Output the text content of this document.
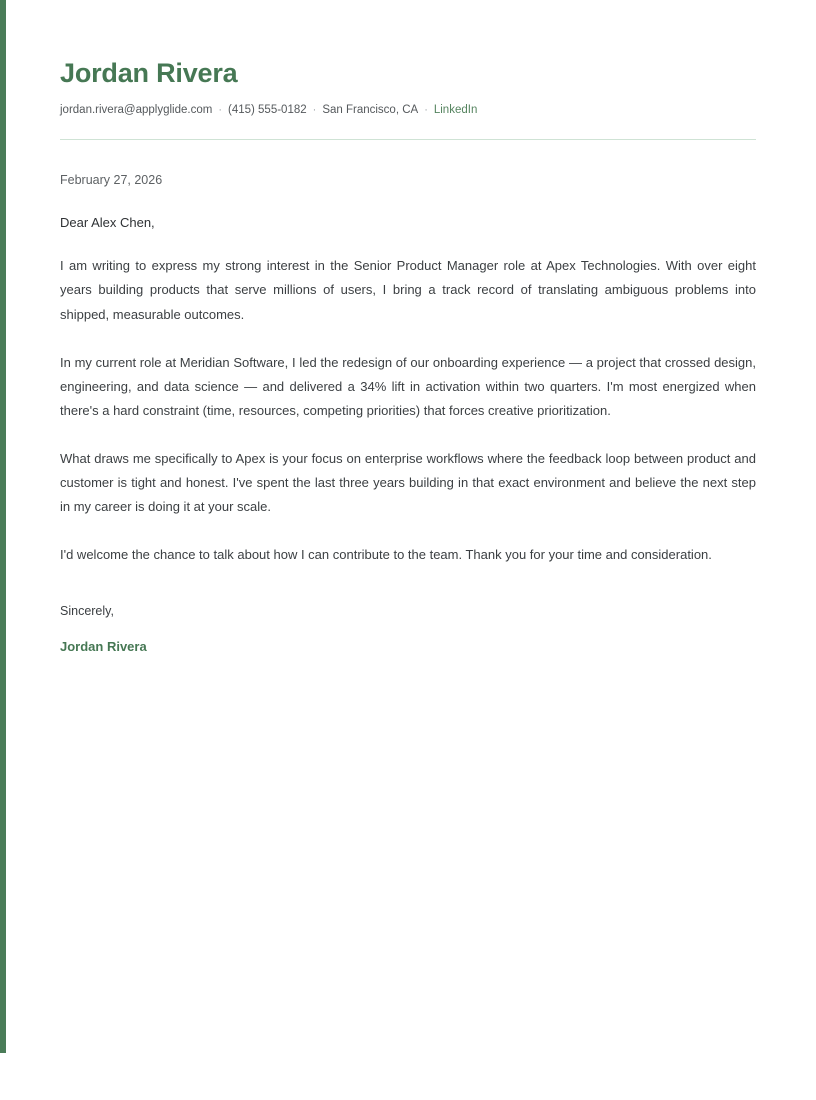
Jordan Rivera
jordan.rivera@applyglide.com · (415) 555-0182 · San Francisco, CA · LinkedIn
February 27, 2026
Dear Alex Chen,

I am writing to express my strong interest in the Senior Product Manager role at Apex Technologies. With over eight years building products that serve millions of users, I bring a track record of translating ambiguous problems into shipped, measurable outcomes.

In my current role at Meridian Software, I led the redesign of our onboarding experience — a project that crossed design, engineering, and data science — and delivered a 34% lift in activation within two quarters. I'm most energized when there's a hard constraint (time, resources, competing priorities) that forces creative prioritization.

What draws me specifically to Apex is your focus on enterprise workflows where the feedback loop between product and customer is tight and honest. I've spent the last three years building in that exact environment and believe the next step in my career is doing it at your scale.

I'd welcome the chance to talk about how I can contribute to the team. Thank you for your time and consideration.

Sincerely,
Jordan Rivera
